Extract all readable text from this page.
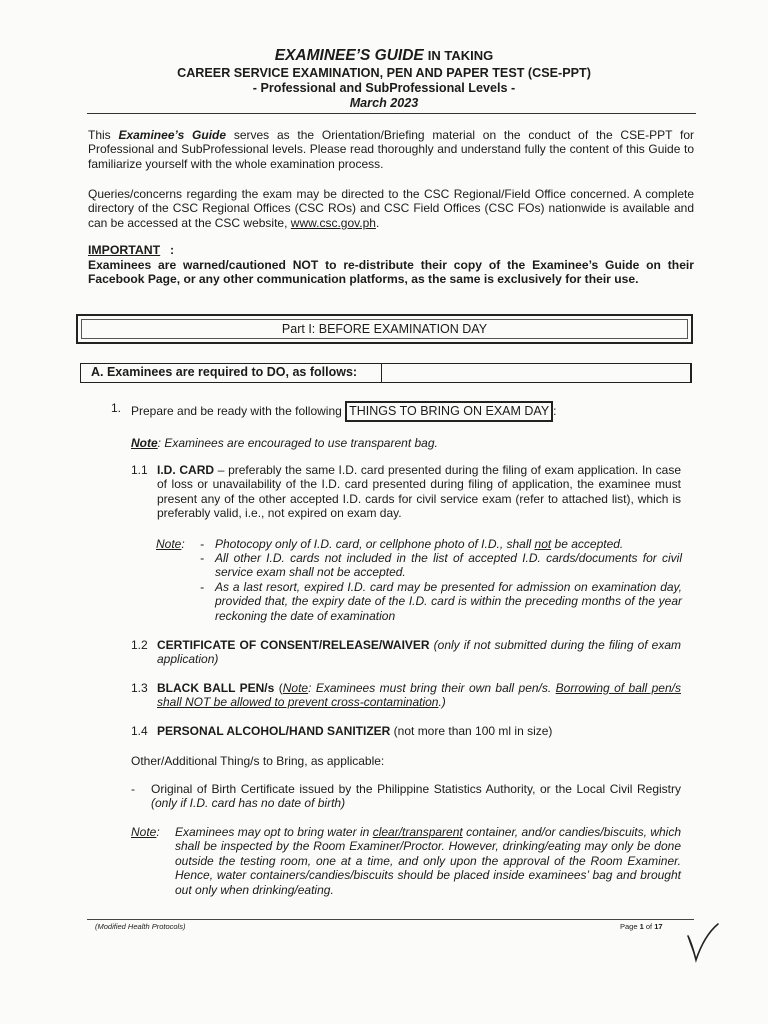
EXAMINEE’S GUIDE IN TAKING
CAREER SERVICE EXAMINATION, PEN AND PAPER TEST (CSE-PPT)
- Professional and SubProfessional Levels -
March 2023
This Examinee’s Guide serves as the Orientation/Briefing material on the conduct of the CSE-PPT for Professional and SubProfessional levels. Please read thoroughly and understand fully the content of this Guide to familiarize yourself with the whole examination process.
Queries/concerns regarding the exam may be directed to the CSC Regional/Field Office concerned. A complete directory of the CSC Regional Offices (CSC ROs) and CSC Field Offices (CSC FOs) nationwide is available and can be accessed at the CSC website, www.csc.gov.ph.
IMPORTANT :
Examinees are warned/cautioned NOT to re-distribute their copy of the Examinee’s Guide on their Facebook Page, or any other communication platforms, as the same is exclusively for their use.
Part I: BEFORE EXAMINATION DAY
A. Examinees are required to DO, as follows:
1. Prepare and be ready with the following THINGS TO BRING ON EXAM DAY :
Note: Examinees are encouraged to use transparent bag.
1.1 I.D. CARD – preferably the same I.D. card presented during the filing of exam application. In case of loss or unavailability of the I.D. card presented during filing of application, the examinee must present any of the other accepted I.D. cards for civil service exam (refer to attached list), which is preferably valid, i.e., not expired on exam day.
Note: - Photocopy only of I.D. card, or cellphone photo of I.D., shall not be accepted.
- All other I.D. cards not included in the list of accepted I.D. cards/documents for civil service exam shall not be accepted.
- As a last resort, expired I.D. card may be presented for admission on examination day, provided that, the expiry date of the I.D. card is within the preceding months of the year reckoning the date of examination
1.2 CERTIFICATE OF CONSENT/RELEASE/WAIVER (only if not submitted during the filing of exam application)
1.3 BLACK BALL PEN/s (Note: Examinees must bring their own ball pen/s. Borrowing of ball pen/s shall NOT be allowed to prevent cross-contamination.)
1.4 PERSONAL ALCOHOL/HAND SANITIZER (not more than 100 ml in size)
Other/Additional Thing/s to Bring, as applicable:
- Original of Birth Certificate issued by the Philippine Statistics Authority, or the Local Civil Registry (only if I.D. card has no date of birth)
Note: Examinees may opt to bring water in clear/transparent container, and/or candies/biscuits, which shall be inspected by the Room Examiner/Proctor. However, drinking/eating may only be done outside the testing room, one at a time, and only upon the approval of the Room Examiner. Hence, water containers/candies/biscuits should be placed inside examinees’ bag and brought out only when drinking/eating.
(Modified Health Protocols)	Page 1 of 17
